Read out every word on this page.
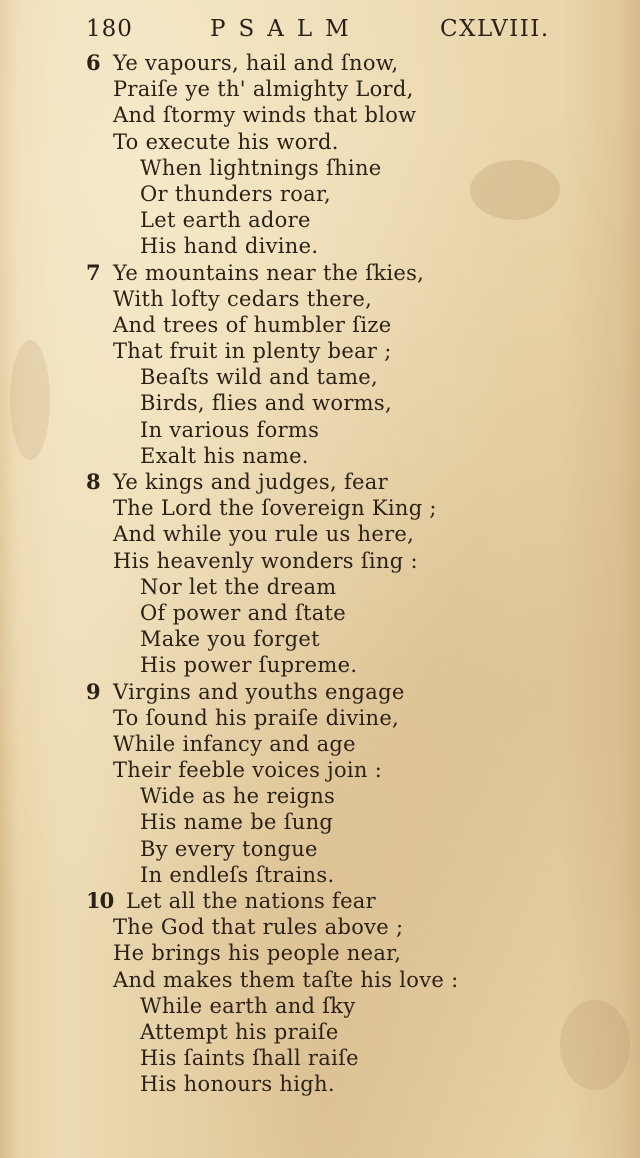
180	PSALM	CXLVIII.
6 Ye vapours, hail and ſnow,
Praiſe ye th' almighty Lord,
And ſtormy winds that blow
To execute his word.
When lightnings ſhine
Or thunders roar,
Let earth adore
His hand divine.
7 Ye mountains near the ſkies,
With lofty cedars there,
And trees of humbler ſize
That fruit in plenty bear ;
Beaſts wild and tame,
Birds, flies and worms,
In various forms
Exalt his name.
8 Ye kings and judges, fear
The Lord the ſovereign King ;
And while you rule us here,
His heavenly wonders ſing :
Nor let the dream
Of power and ſtate
Make you forget
His power ſupreme.
9 Virgins and youths engage
To ſound his praiſe divine,
While infancy and age
Their feeble voices join :
Wide as he reigns
His name be ſung
By every tongue
In endleſs ſtrains.
10 Let all the nations fear
The God that rules above ;
He brings his people near,
And makes them taſte his love :
While earth and ſky
Attempt his praiſe
His ſaints ſhall raiſe
His honours high.
